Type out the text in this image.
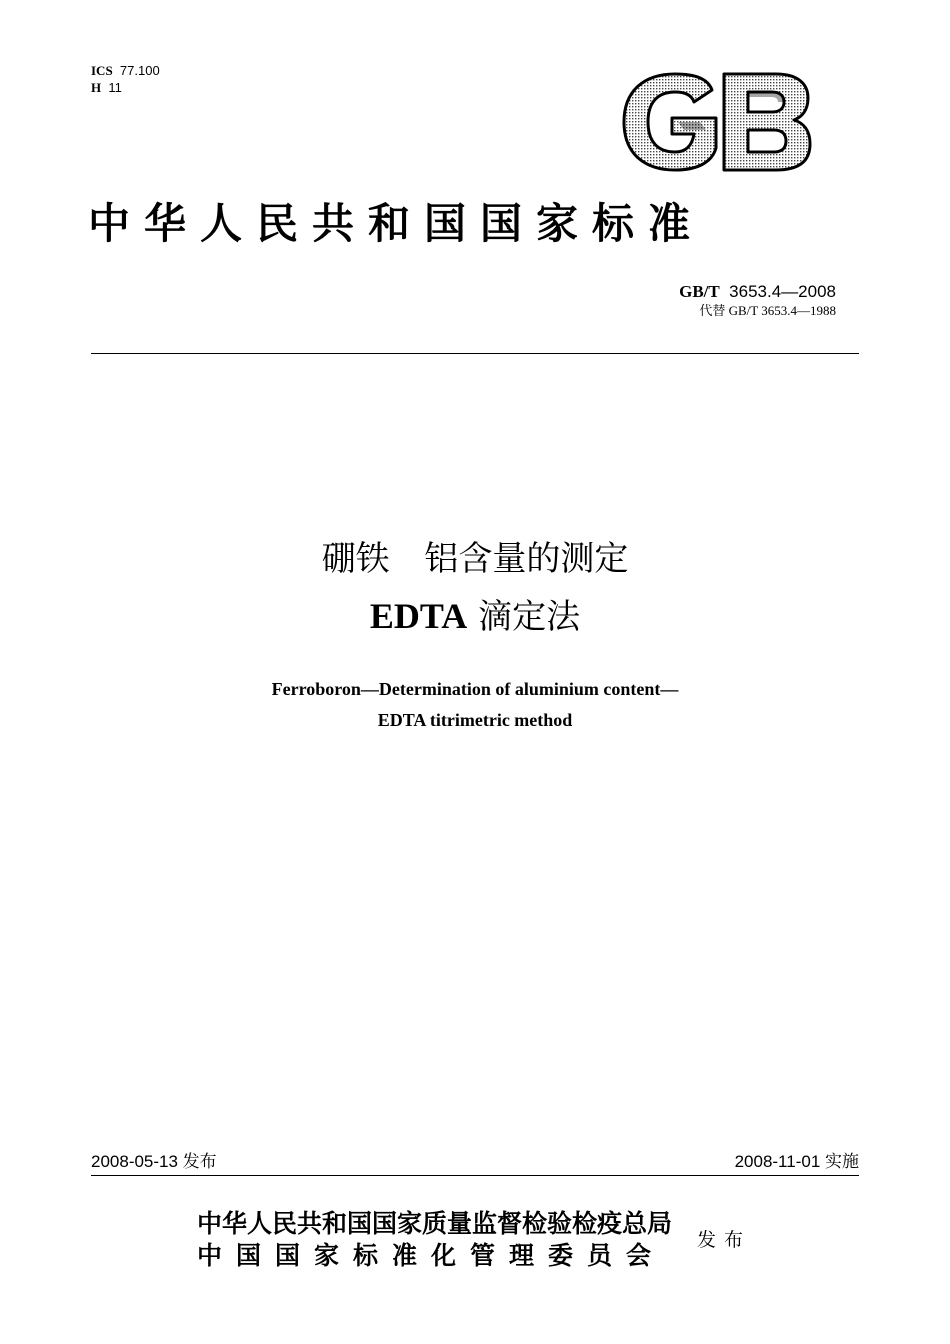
ICS 77.100
H 11
中华人民共和国国家标准
GB/T 3653.4—2008
代替 GB/T 3653.4—1988
硼铁 铝含量的测定
EDTA 滴定法
Ferroboron—Determination of aluminium content—
EDTA titrimetric method
2008-05-13 发布	2008-11-01 实施
中华人民共和国国家质量监督检验检疫总局
中国国家标准化管理委员会
发布
